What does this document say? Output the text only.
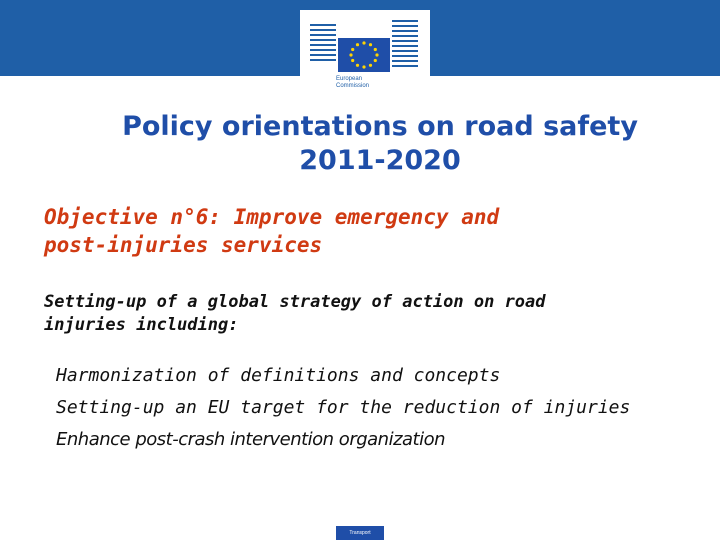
European
Commission
Policy orientations on road safety
2011-2020
Objective n°6: Improve emergency and
post-injuries services
Setting-up of a global strategy of action on road
injuries including:
Harmonization of definitions and concepts
Setting-up an EU target for the reduction of injuries
Enhance post-crash intervention organization
Transport
